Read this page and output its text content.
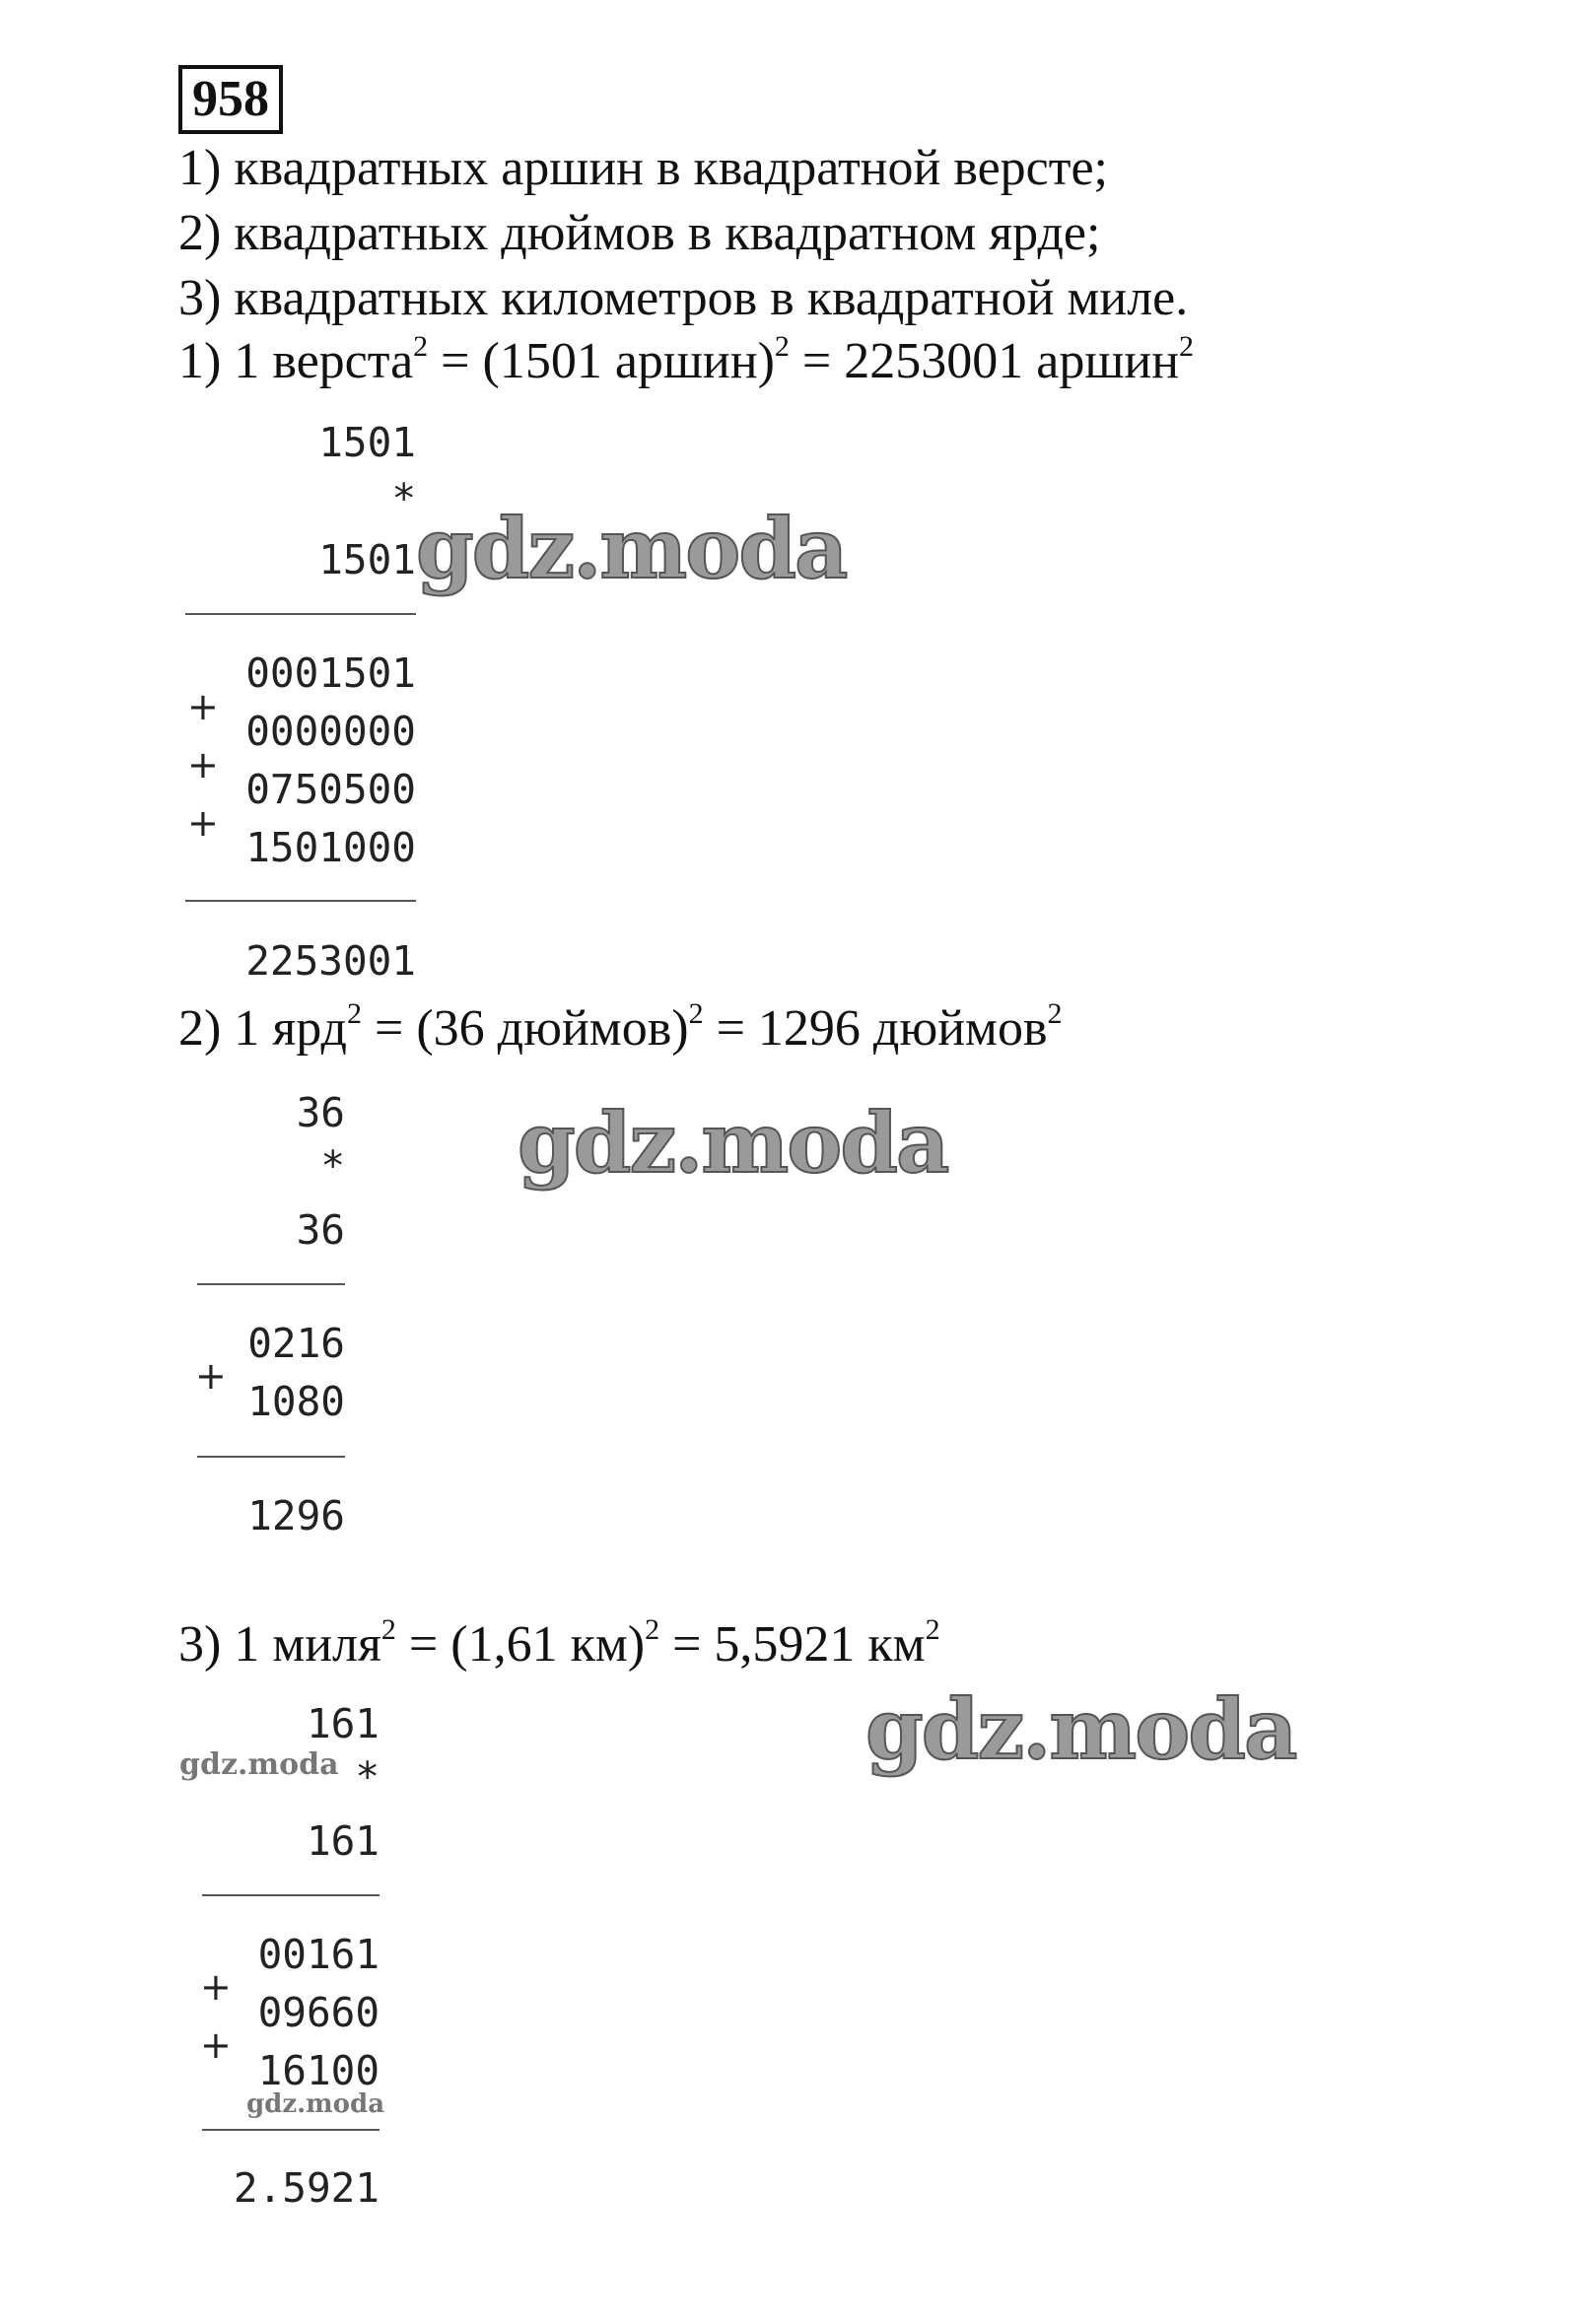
958
1) квадратных аршин в квадратной версте;
2) квадратных дюймов в квадратном ярде;
3) квадратных километров в квадратной миле.
1) 1 верста$^2$ = (1501 аршин)$^2$ = 2253001 аршин$^2$
1501
*
1501
0001501
+
0000000
+
0750500
+
1501000
2253001
gdz.moda
2) 1 ярд$^2$ = (36 дюймов)$^2$ = 1296 дюймов$^2$
36
*
36
0216
+
1080
1296
gdz.moda
3) 1 миля$^2$ = (1,61 км)$^2$ = 5,5921 $км^2$
161
gdz.moda *
161
00161
+
09660
+
16100
gdz.moda
2.5921
gdz.moda
